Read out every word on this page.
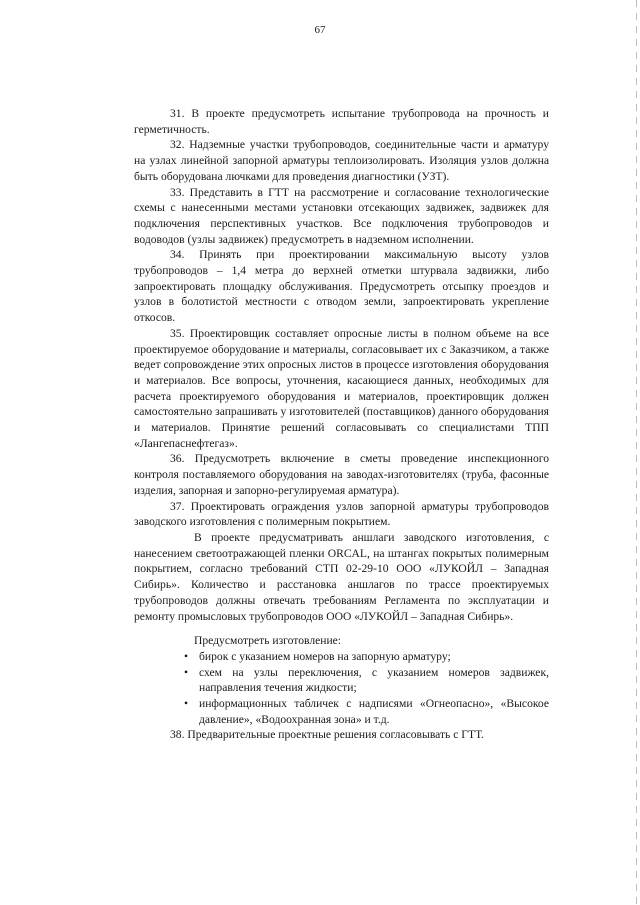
67

31. В проекте предусмотреть испытание трубопровода на прочность и герметичность.

32. Надземные участки трубопроводов, соединительные части и арматуру на узлах линейной запорной арматуры теплоизолировать. Изоляция узлов должна быть оборудована лючками для проведения диагностики (УЗТ).

33. Представить в ГТТ на рассмотрение и согласование технологические схемы с нанесенными местами установки отсекающих задвижек, задвижек для подключения перспективных участков. Все подключения трубопроводов и водоводов (узлы задвижек) предусмотреть в надземном исполнении.

34. Принять при проектировании максимальную высоту узлов трубопроводов – 1,4 метра до верхней отметки штурвала задвижки, либо запроектировать площадку обслуживания. Предусмотреть отсыпку проездов и узлов в болотистой местности с отводом земли, запроектировать укрепление откосов.

35. Проектировщик составляет опросные листы в полном объеме на все проектируемое оборудование и материалы, согласовывает их с Заказчиком, а также ведет сопровождение этих опросных листов в процессе изготовления оборудования и материалов. Все вопросы, уточнения, касающиеся данных, необходимых для расчета проектируемого оборудования и материалов, проектировщик должен самостоятельно запрашивать у изготовителей (поставщиков) данного оборудования и материалов. Принятие решений согласовывать со специалистами ТПП «Лангепаснефтегаз».

36. Предусмотреть включение в сметы проведение инспекционного контроля поставляемого оборудования на заводах-изготовителях (труба, фасонные изделия, запорная и запорно-регулируемая арматура).

37. Проектировать ограждения узлов запорной арматуры трубопроводов заводского изготовления с полимерным покрытием.

В проекте предусматривать аншлаги заводского изготовления, с нанесением светоотражающей пленки ORCAL, на штангах покрытых полимерным покрытием, согласно требований СТП 02-29-10 ООО «ЛУКОЙЛ – Западная Сибирь». Количество и расстановка аншлагов по трассе проектируемых трубопроводов должны отвечать требованиям Регламента по эксплуатации и ремонту промысловых трубопроводов ООО «ЛУКОЙЛ – Западная Сибирь».

Предусмотреть изготовление:

• бирок с указанием номеров на запорную арматуру;
• схем на узлы переключения, с указанием номеров задвижек, направления течения жидкости;
• информационных табличек с надписями «Огнеопасно», «Высокое давление», «Водоохранная зона» и т.д.

38. Предварительные проектные решения согласовывать с ГТТ.
